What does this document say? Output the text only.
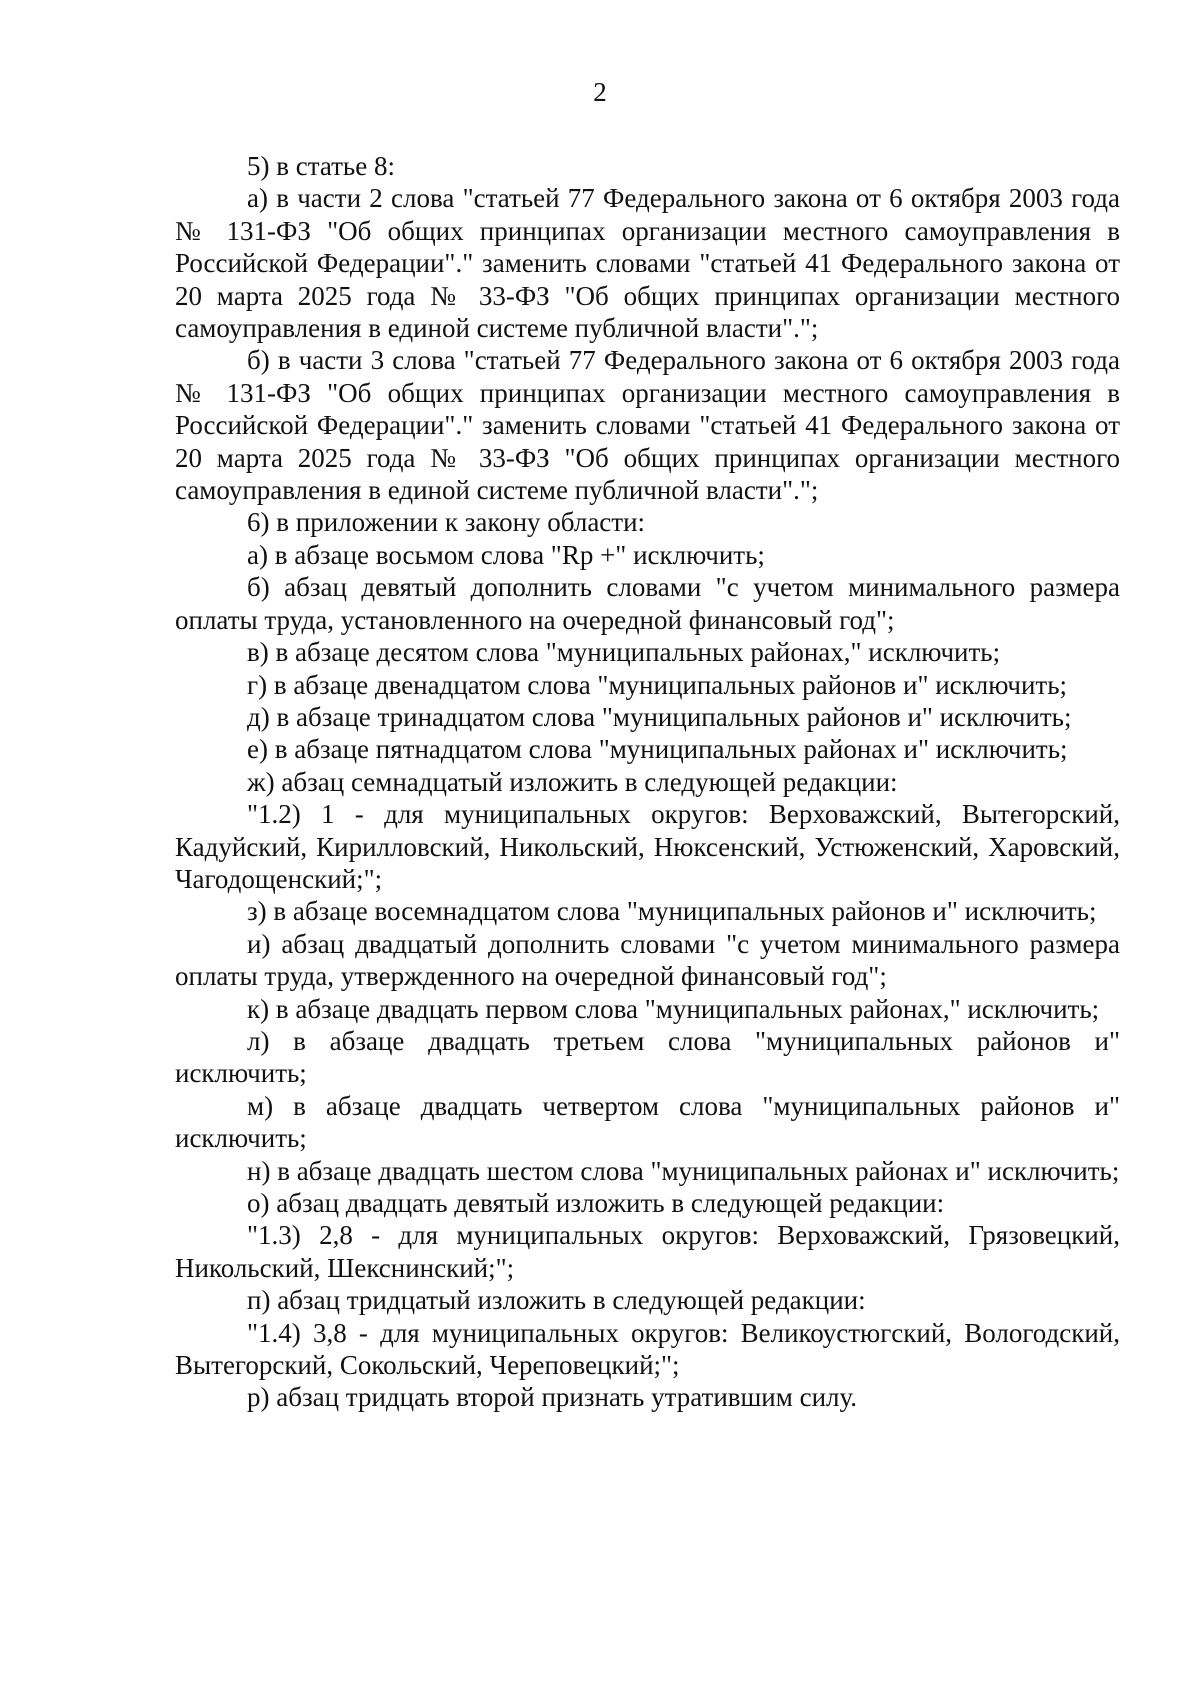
2

5) в статье 8:

а) в части 2 слова "статьей 77 Федерального закона от 6 октября 2003 года № 131-ФЗ "Об общих принципах организации местного самоуправления в Российской Федерации"." заменить словами "статьей 41 Федерального закона от 20 марта 2025 года № 33-ФЗ "Об общих принципах организации местного самоуправления в единой системе публичной власти".";

б) в части 3 слова "статьей 77 Федерального закона от 6 октября 2003 года № 131-ФЗ "Об общих принципах организации местного самоуправления в Российской Федерации"." заменить словами "статьей 41 Федерального закона от 20 марта 2025 года № 33-ФЗ "Об общих принципах организации местного самоуправления в единой системе публичной власти".";

6) в приложении к закону области:

а) в абзаце восьмом слова "Rp +" исключить;

б) абзац девятый дополнить словами "с учетом минимального размера оплаты труда, установленного на очередной финансовый год";

в) в абзаце десятом слова "муниципальных районах," исключить;

г) в абзаце двенадцатом слова "муниципальных районов и" исключить;

д) в абзаце тринадцатом слова "муниципальных районов и" исключить;

е) в абзаце пятнадцатом слова "муниципальных районах и" исключить;

ж) абзац семнадцатый изложить в следующей редакции:

"1.2) 1 - для муниципальных округов: Верховажский, Вытегорский, Кадуйский, Кирилловский, Никольский, Нюксенский, Устюженский, Харовский, Чагодощенский;";

з) в абзаце восемнадцатом слова "муниципальных районов и" исключить;

и) абзац двадцатый дополнить словами "с учетом минимального размера оплаты труда, утвержденного на очередной финансовый год";

к) в абзаце двадцать первом слова "муниципальных районах," исключить;

л) в абзаце двадцать третьем слова "муниципальных районов и" исключить;

м) в абзаце двадцать четвертом слова "муниципальных районов и" исключить;

н) в абзаце двадцать шестом слова "муниципальных районах и" исключить;

о) абзац двадцать девятый изложить в следующей редакции:

"1.3) 2,8 - для муниципальных округов: Верховажский, Грязовецкий, Никольский, Шекснинский;";

п) абзац тридцатый изложить в следующей редакции:

"1.4) 3,8 - для муниципальных округов: Великоустюгский, Вологодский, Вытегорский, Сокольский, Череповецкий;";

р) абзац тридцать второй признать утратившим силу.
